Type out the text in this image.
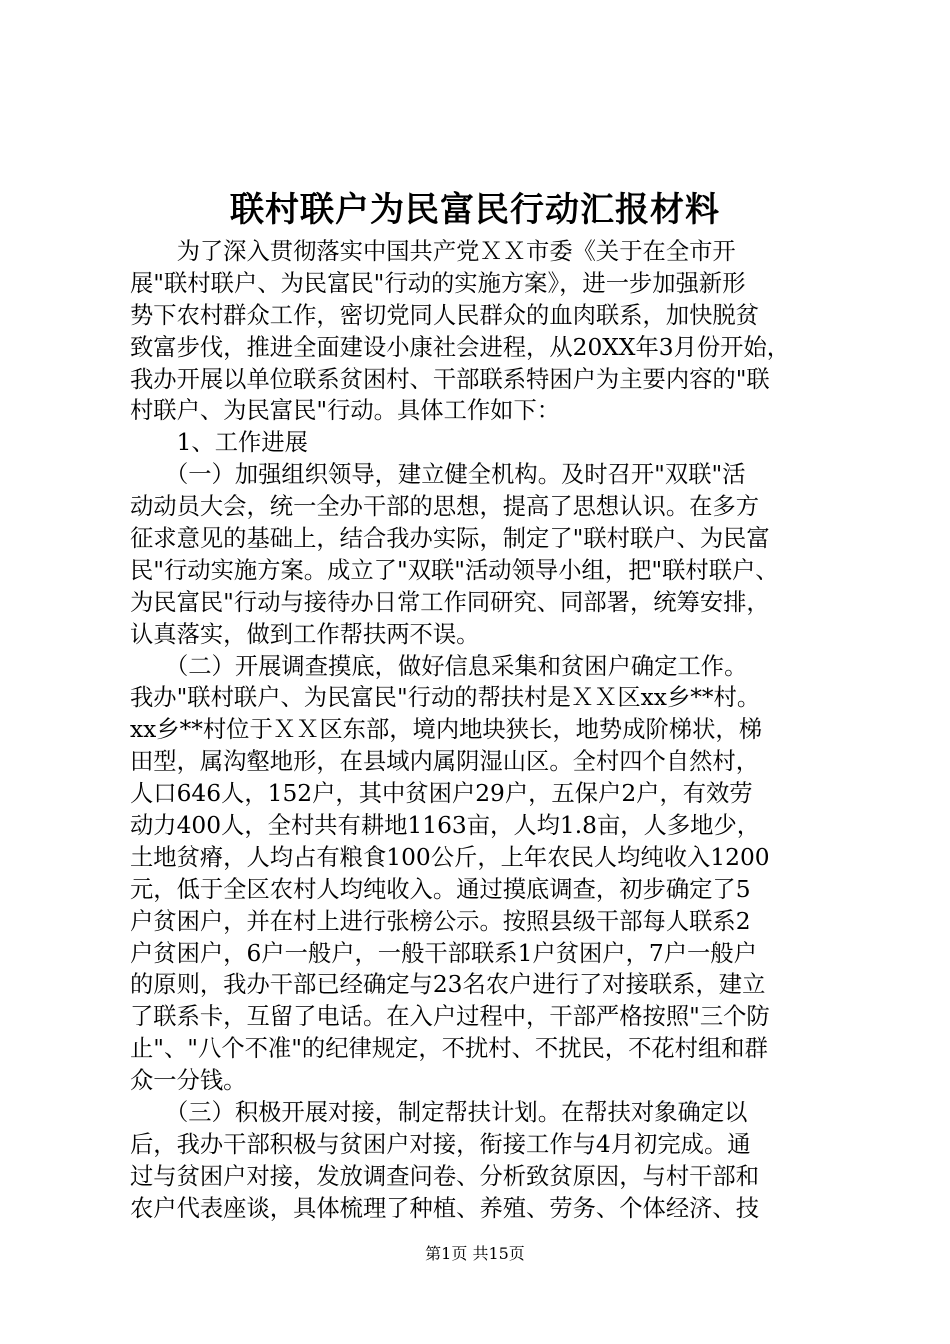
联村联户为民富民行动汇报材料
　　为了深入贯彻落实中国共产党ＸＸ市委《关于在全市开
展"联村联户、为民富民"行动的实施方案》，进一步加强新形
势下农村群众工作，密切党同人民群众的血肉联系，加快脱贫
致富步伐，推进全面建设小康社会进程，从20XX年3月份开始，
我办开展以单位联系贫困村、干部联系特困户为主要内容的"联
村联户、为民富民"行动。具体工作如下：
　　1、工作进展
　　（一）加强组织领导，建立健全机构。及时召开"双联"活
动动员大会，统一全办干部的思想，提高了思想认识。在多方
征求意见的基础上，结合我办实际，制定了"联村联户、为民富
民"行动实施方案。成立了"双联"活动领导小组，把"联村联户、
为民富民"行动与接待办日常工作同研究、同部署，统筹安排，
认真落实，做到工作帮扶两不误。
　　（二）开展调查摸底，做好信息采集和贫困户确定工作。
我办"联村联户、为民富民"行动的帮扶村是ＸＸ区xx乡**村。
xx乡**村位于ＸＸ区东部，境内地块狭长，地势成阶梯状，梯
田型，属沟壑地形，在县域内属阴湿山区。全村四个自然村，
人口646人，152户，其中贫困户29户，五保户2户，有效劳
动力400人，全村共有耕地1163亩，人均1.8亩，人多地少，
土地贫瘠，人均占有粮食100公斤，上年农民人均纯收入1200
元，低于全区农村人均纯收入。通过摸底调查，初步确定了5
户贫困户，并在村上进行张榜公示。按照县级干部每人联系2
户贫困户，6户一般户，一般干部联系1户贫困户，7户一般户
的原则，我办干部已经确定与23名农户进行了对接联系，建立
了联系卡，互留了电话。在入户过程中，干部严格按照"三个防
止"、"八个不准"的纪律规定，不扰村、不扰民，不花村组和群
众一分钱。
　　（三）积极开展对接，制定帮扶计划。在帮扶对象确定以
后，我办干部积极与贫困户对接，衔接工作与4月初完成。通
过与贫困户对接，发放调查问卷、分析致贫原因，与村干部和
农户代表座谈，具体梳理了种植、养殖、劳务、个体经济、技
第1页 共15页
